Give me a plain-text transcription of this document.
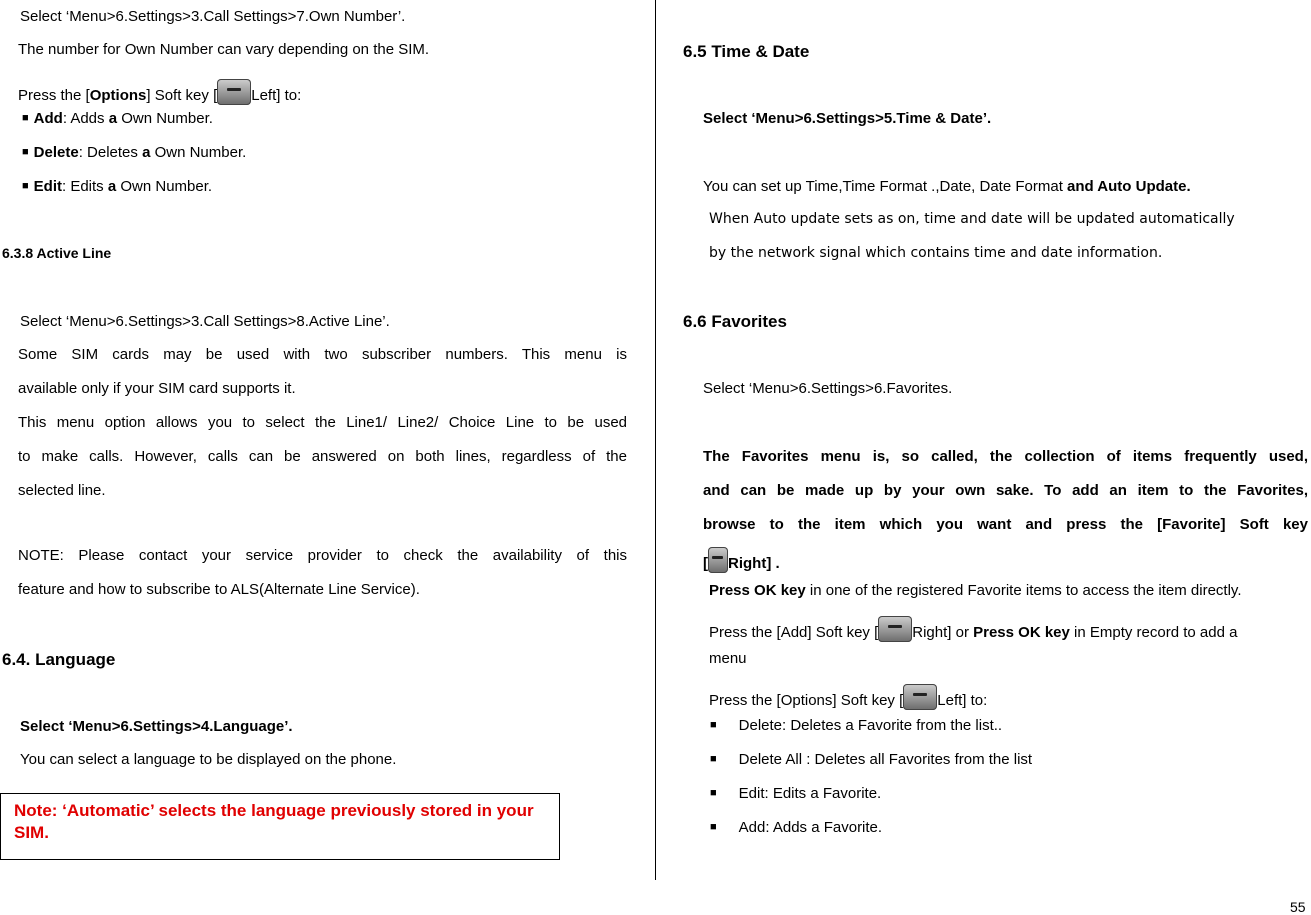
Select ‘Menu>6.Settings>3.Call Settings>7.Own Number’.
The number for Own Number can vary depending on the SIM.
Press the [Options] Soft key [ Left] to:
■ Add: Adds a Own Number.
■ Delete: Deletes a Own Number.
■ Edit: Edits a Own Number.
6.3.8 Active Line
Select ‘Menu>6.Settings>3.Call Settings>8.Active Line’.
Some SIM cards may be used with two subscriber numbers. This menu is
available only if your SIM card supports it.
This menu option allows you to select the Line1/ Line2/ Choice Line to be used
to make calls. However, calls can be answered on both lines, regardless of the
selected line.
NOTE: Please contact your service provider to check the availability of this
feature and how to subscribe to ALS(Alternate Line Service).
6.4. Language
Select ‘Menu>6.Settings>4.Language’.
You can select a language to be displayed on the phone.
Note: ‘Automatic’ selects the language previously stored in your SIM.
6.5 Time & Date
Select ‘Menu>6.Settings>5.Time & Date’.
You can set up Time,Time Format .,Date, Date Format and Auto Update.
When Auto update sets as on, time and date will be updated automatically
by the network signal which contains time and date information.
6.6 Favorites
Select ‘Menu>6.Settings>6.Favorites.
The Favorites menu is, so called, the collection of items frequently used,
and can be made up by your own sake. To add an item to the Favorites,
browse to the item which you want and press the [Favorite] Soft key
[ Right] .
Press OK key in one of the registered Favorite items to access the item directly.
Press the [Add] Soft key [ Right] or Press OK key in Empty record to add a
menu
Press the [Options] Soft key [ Left] to:
■ Delete: Deletes a Favorite from the list..
■ Delete All : Deletes all Favorites from the list
■ Edit: Edits a Favorite.
■ Add: Adds a Favorite.
55
